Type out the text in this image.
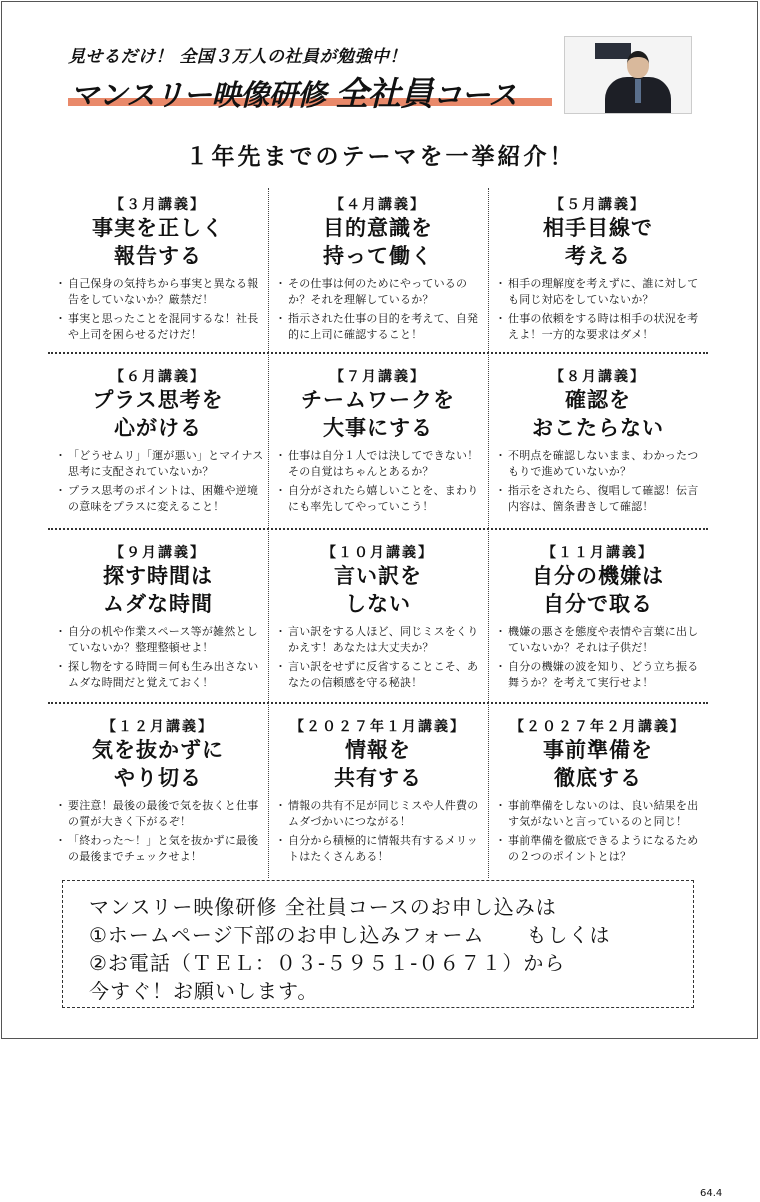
見せるだけ！ 全国３万人の社員が勉強中！
マンスリー映像研修 全社員コース
１年先までのテーマを一挙紹介！
【３月講義】
事実を正しく
報告する
・ 自己保身の気持ちから事実と異なる報告をしていないか？厳禁だ！
・ 事実と思ったことを混同するな！社長や上司を困らせるだけだ！
【４月講義】
目的意識を
持って働く
・ その仕事は何のためにやっているのか？それを理解しているか？
・ 指示された仕事の目的を考えて、自発的に上司に確認すること！
【５月講義】
相手目線で
考える
・ 相手の理解度を考えずに、誰に対しても同じ対応をしていないか？
・ 仕事の依頼をする時は相手の状況を考えよ！一方的な要求はダメ！
【６月講義】
プラス思考を
心がける
・ 「どうせムリ」「運が悪い」とマイナス思考に支配されていないか？
・ プラス思考のポイントは、困難や逆境の意味をプラスに変えること！
【７月講義】
チームワークを
大事にする
・ 仕事は自分１人では決してできない！その自覚はちゃんとあるか？
・ 自分がされたら嬉しいことを、まわりにも率先してやっていこう！
【８月講義】
確認を
おこたらない
・ 不明点を確認しないまま、わかったつもりで進めていないか？
・ 指示をされたら、復唱して確認！伝言内容は、箇条書きして確認！
【９月講義】
探す時間は
ムダな時間
・ 自分の机や作業スペース等が雑然としていないか？整理整頓せよ！
・ 探し物をする時間＝何も生み出さないムダな時間だと覚えておく！
【１０月講義】
言い訳を
しない
・ 言い訳をする人ほど、同じミスをくりかえす！あなたは大丈夫か？
・ 言い訳をせずに反省することこそ、あなたの信頼感を守る秘訣！
【１１月講義】
自分の機嫌は
自分で取る
・ 機嫌の悪さを態度や表情や言葉に出していないか？それは子供だ！
・ 自分の機嫌の波を知り、どう立ち振る舞うか？を考えて実行せよ！
【１２月講義】
気を抜かずに
やり切る
・ 要注意！最後の最後で気を抜くと仕事の質が大きく下がるぞ！
・ 「終わった～！」と気を抜かずに最後の最後までチェックせよ！
【２０２７年１月講義】
情報を
共有する
・ 情報の共有不足が同じミスや人件費のムダづかいにつながる！
・ 自分から積極的に情報共有するメリットはたくさんある！
【２０２７年２月講義】
事前準備を
徹底する
・ 事前準備をしないのは、良い結果を出す気がないと言っているのと同じ！
・ 事前準備を徹底できるようになるための２つのポイントとは？
マンスリー映像研修 全社員コースのお申し込みは
①ホームページ下部のお申し込みフォーム　　もしくは
②お電話（ＴＥＬ：０３-５９５１-０６７１）から
今すぐ！お願いします。
64.4
